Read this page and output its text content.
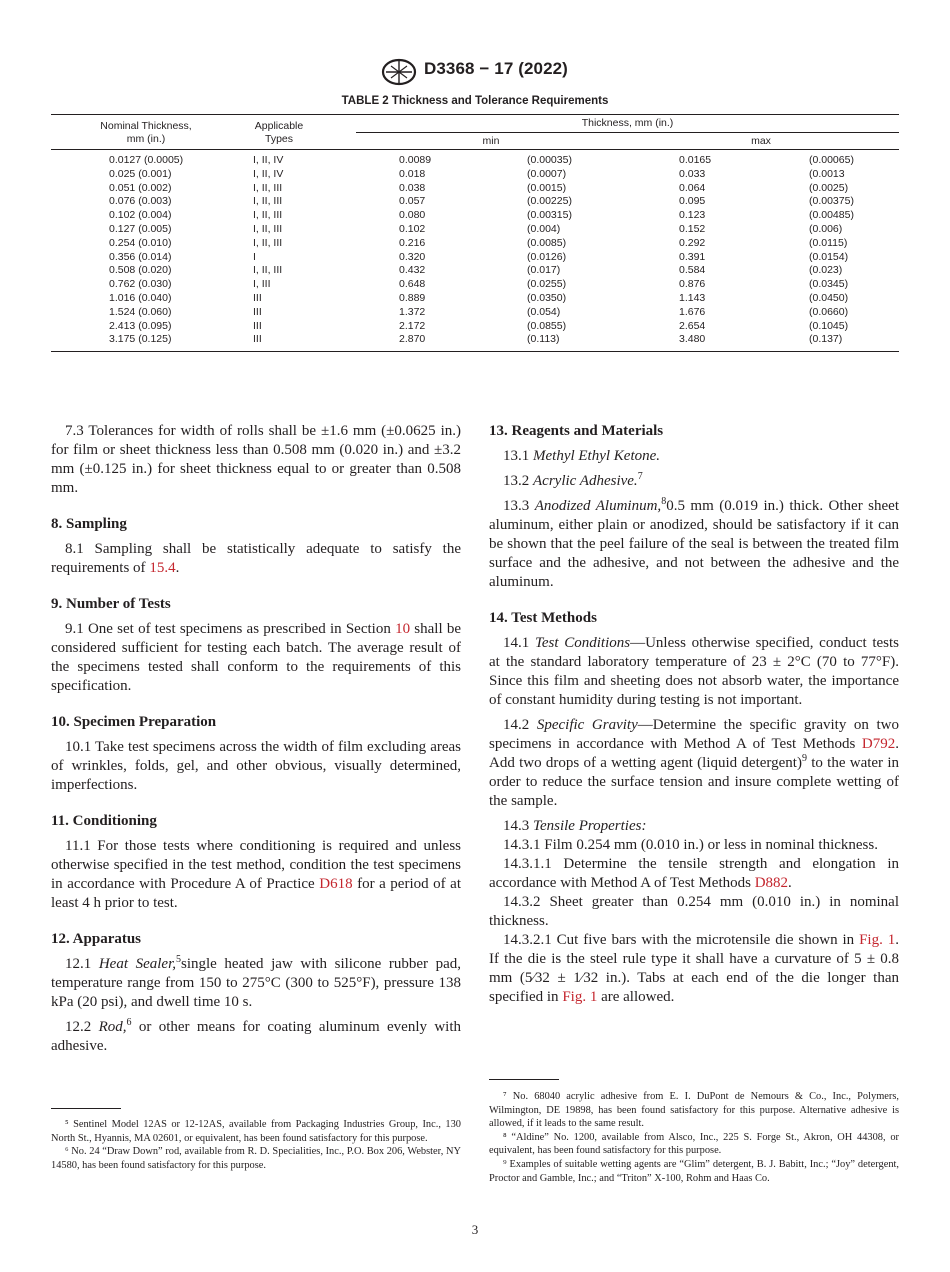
D3368 − 17 (2022)
TABLE 2 Thickness and Tolerance Requirements
Nominal Thickness,
mm (in.)
Applicable
Types
Thickness, mm (in.)
min	max
0.0127 (0.0005)	I, II, IV	0.0089	(0.00035)	0.0165	(0.00065)
0.025 (0.001)	I, II, IV	0.018	(0.0007)	0.033	(0.0013
0.051 (0.002)	I, II, III	0.038	(0.0015)	0.064	(0.0025)
0.076 (0.003)	I, II, III	0.057	(0.00225)	0.095	(0.00375)
0.102 (0.004)	I, II, III	0.080	(0.00315)	0.123	(0.00485)
0.127 (0.005)	I, II, III	0.102	(0.004)	0.152	(0.006)
0.254 (0.010)	I, II, III	0.216	(0.0085)	0.292	(0.0115)
0.356 (0.014)	I	0.320	(0.0126)	0.391	(0.0154)
0.508 (0.020)	I, II, III	0.432	(0.017)	0.584	(0.023)
0.762 (0.030)	I, III	0.648	(0.0255)	0.876	(0.0345)
1.016 (0.040)	III	0.889	(0.0350)	1.143	(0.0450)
1.524 (0.060)	III	1.372	(0.054)	1.676	(0.0660)
2.413 (0.095)	III	2.172	(0.0855)	2.654	(0.1045)
3.175 (0.125)	III	2.870	(0.113)	3.480	(0.137)

7.3 Tolerances for width of rolls shall be ±1.6 mm (±0.0625 in.) for film or sheet thickness less than 0.508 mm (0.020 in.) and ±3.2 mm (±0.125 in.) for sheet thickness equal to or greater than 0.508 mm.

8. Sampling

8.1 Sampling shall be statistically adequate to satisfy the requirements of 15.4.

9. Number of Tests

9.1 One set of test specimens as prescribed in Section 10 shall be considered sufficient for testing each batch. The average result of the specimens tested shall conform to the requirements of this specification.

10. Specimen Preparation

10.1 Take test specimens across the width of film excluding areas of wrinkles, folds, gel, and other obvious, visually determined, imperfections.

11. Conditioning

11.1 For those tests where conditioning is required and unless otherwise specified in the test method, condition the test specimens in accordance with Procedure A of Practice D618 for a period of at least 4 h prior to test.

12. Apparatus

12.1 Heat Sealer,$^5$single heated jaw with silicone rubber pad, temperature range from 150 to 275°C (300 to 525°F), pressure 138 kPa (20 psi), and dwell time 10 s.

12.2 Rod,$^6$ or other means for coating aluminum evenly with adhesive.

13. Reagents and Materials

13.1 Methyl Ethyl Ketone.

13.2 Acrylic Adhesive.$^7$

13.3 Anodized Aluminum,$^8$0.5 mm (0.019 in.) thick. Other sheet aluminum, either plain or anodized, should be satisfactory if it can be shown that the peel failure of the seal is between the treated film surface and the adhesive, and not between the adhesive and the aluminum.

14. Test Methods

14.1 Test Conditions—Unless otherwise specified, conduct tests at the standard laboratory temperature of 23 ± 2°C (70 to 77°F). Since this film and sheeting does not absorb water, the importance of constant humidity during testing is not important.

14.2 Specific Gravity—Determine the specific gravity on two specimens in accordance with Method A of Test Methods D792. Add two drops of a wetting agent (liquid detergent)$^9$ to the water in order to reduce the surface tension and insure complete wetting of the sample.

14.3 Tensile Properties:

14.3.1 Film 0.254 mm (0.010 in.) or less in nominal thickness.

14.3.1.1 Determine the tensile strength and elongation in accordance with Method A of Test Methods D882.

14.3.2 Sheet greater than 0.254 mm (0.010 in.) in nominal thickness.

14.3.2.1 Cut five bars with the microtensile die shown in Fig. 1. If the die is the steel rule type it shall have a curvature of 5 ± 0.8 mm (5⁄32 ± 1⁄32 in.). Tabs at each end of the die longer than specified in Fig. 1 are allowed.

⁵ Sentinel Model 12AS or 12-12AS, available from Packaging Industries Group, Inc., 130 North St., Hyannis, MA 02601, or equivalent, has been found satisfactory for this purpose.

⁶ No. 24 “Draw Down” rod, available from R. D. Specialities, Inc., P.O. Box 206, Webster, NY 14580, has been found satisfactory for this purpose.

⁷ No. 68040 acrylic adhesive from E. I. DuPont de Nemours & Co., Inc., Polymers, Wilmington, DE 19898, has been found satisfactory for this purpose. Alternative adhesive is allowed, if it leads to the same result.

⁸ “Aldine” No. 1200, available from Alsco, Inc., 225 S. Forge St., Akron, OH 44308, or equivalent, has been found satisfactory for this purpose.

⁹ Examples of suitable wetting agents are “Glim” detergent, B. J. Babitt, Inc.; “Joy” detergent, Proctor and Gamble, Inc.; and “Triton” X-100, Rohm and Haas Co.

3
